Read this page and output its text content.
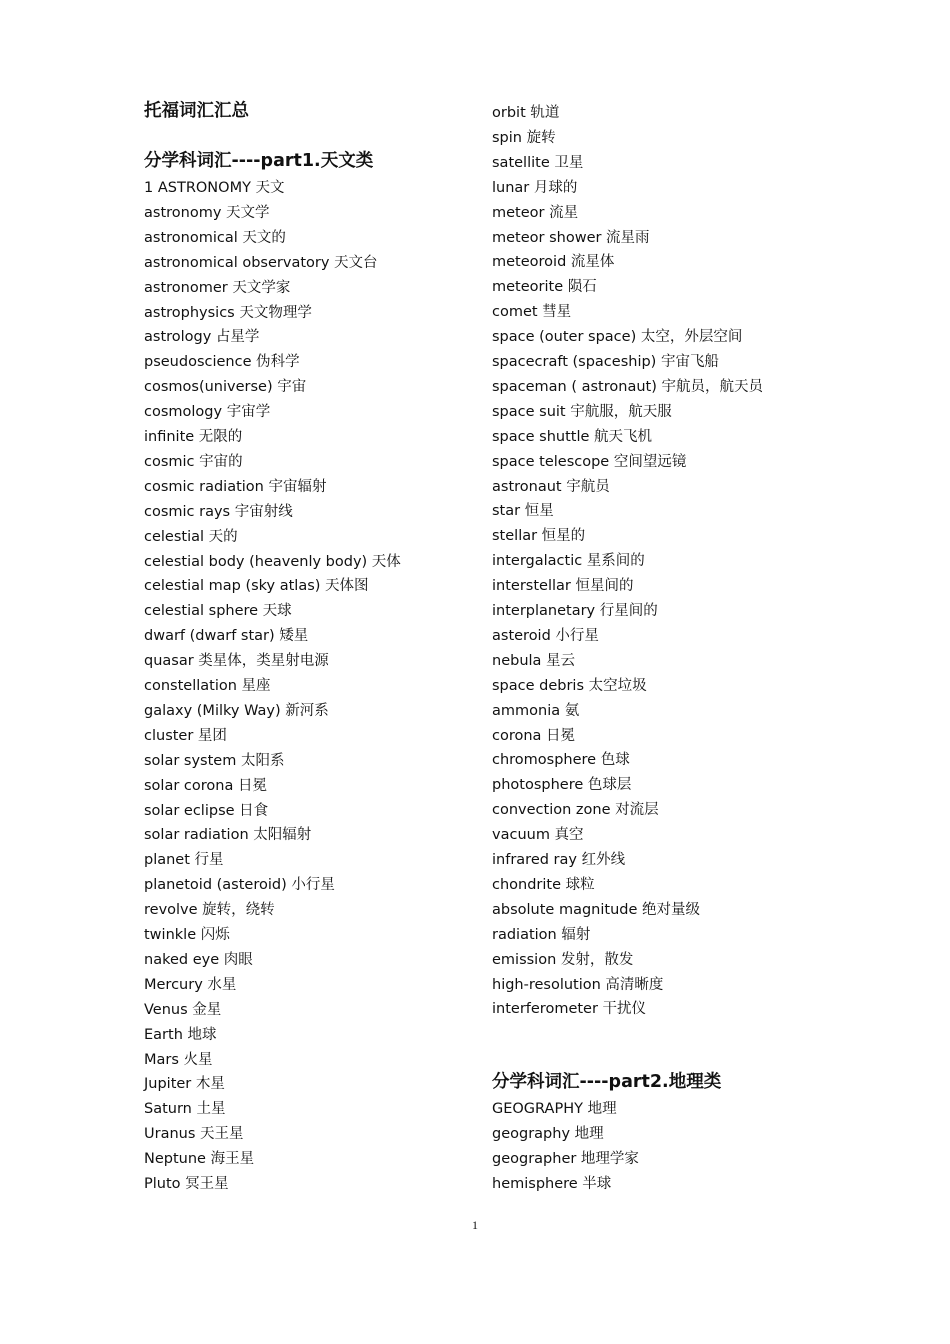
托福词汇汇总
分学科词汇----part1.天文类
1 ASTRONOMY 天文
astronomy 天文学
astronomical 天文的
astronomical observatory 天文台
astronomer 天文学家
astrophysics 天文物理学
astrology 占星学
pseudoscience 伪科学
cosmos(universe) 宇宙
cosmology 宇宙学
infinite 无限的
cosmic 宇宙的
cosmic radiation 宇宙辐射
cosmic rays 宇宙射线
celestial 天的
celestial body (heavenly body) 天体
celestial map (sky atlas) 天体图
celestial sphere 天球
dwarf (dwarf star) 矮星
quasar 类星体，类星射电源
constellation 星座
galaxy (Milky Way) 新河系
cluster 星团
solar system 太阳系
solar corona 日冕
solar eclipse 日食
solar radiation 太阳辐射
planet 行星
planetoid (asteroid) 小行星
revolve 旋转，绕转
twinkle 闪烁
naked eye 肉眼
Mercury 水星
Venus 金星
Earth 地球
Mars 火星
Jupiter 木星
Saturn 土星
Uranus 天王星
Neptune 海王星
Pluto 冥王星
orbit 轨道
spin 旋转
satellite 卫星
lunar 月球的
meteor 流星
meteor shower 流星雨
meteoroid 流星体
meteorite 陨石
comet 彗星
space (outer space) 太空，外层空间
spacecraft (spaceship) 宇宙飞船
spaceman ( astronaut) 宇航员，航天员
space suit 宇航服，航天服
space shuttle 航天飞机
space telescope 空间望远镜
astronaut 宇航员
star 恒星
stellar 恒星的
intergalactic 星系间的
interstellar 恒星间的
interplanetary 行星间的
asteroid 小行星
nebula 星云
space debris 太空垃圾
ammonia 氨
corona 日冕
chromosphere 色球
photosphere 色球层
convection zone 对流层
vacuum 真空
infrared ray 红外线
chondrite 球粒
absolute magnitude 绝对量级
radiation 辐射
emission 发射，散发
high-resolution 高清晰度
interferometer 干扰仪
分学科词汇----part2.地理类
GEOGRAPHY 地理
geography 地理
geographer 地理学家
hemisphere 半球
1
